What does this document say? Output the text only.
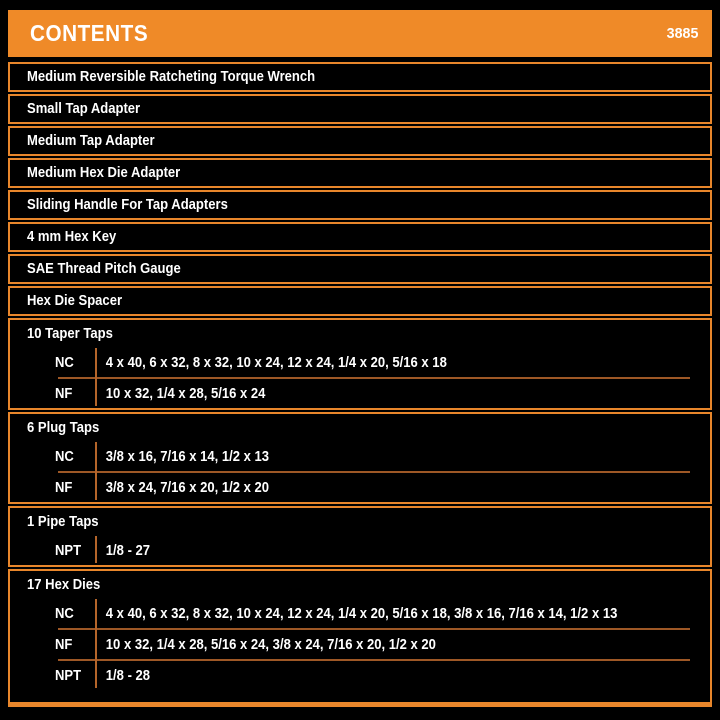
CONTENTS	3885
Medium Reversible Ratcheting Torque Wrench
Small Tap Adapter
Medium Tap Adapter
Medium Hex Die Adapter
Sliding Handle For Tap Adapters
4 mm Hex Key
SAE Thread Pitch Gauge
Hex Die Spacer
10 Taper Taps
NC	4 x 40, 6 x 32, 8 x 32, 10 x 24, 12 x 24, 1/4 x 20, 5/16 x 18
NF	10 x 32, 1/4 x 28, 5/16 x 24
6 Plug Taps
NC	3/8 x 16, 7/16 x 14, 1/2 x 13
NF	3/8 x 24, 7/16 x 20, 1/2 x 20
1 Pipe Taps
NPT	1/8 - 27
17 Hex Dies
NC	4 x 40, 6 x 32, 8 x 32, 10 x 24, 12 x 24, 1/4 x 20, 5/16 x 18, 3/8 x 16, 7/16 x 14, 1/2 x 13
NF	10 x 32, 1/4 x 28, 5/16 x 24, 3/8 x 24, 7/16 x 20, 1/2 x 20
NPT	1/8 - 28
